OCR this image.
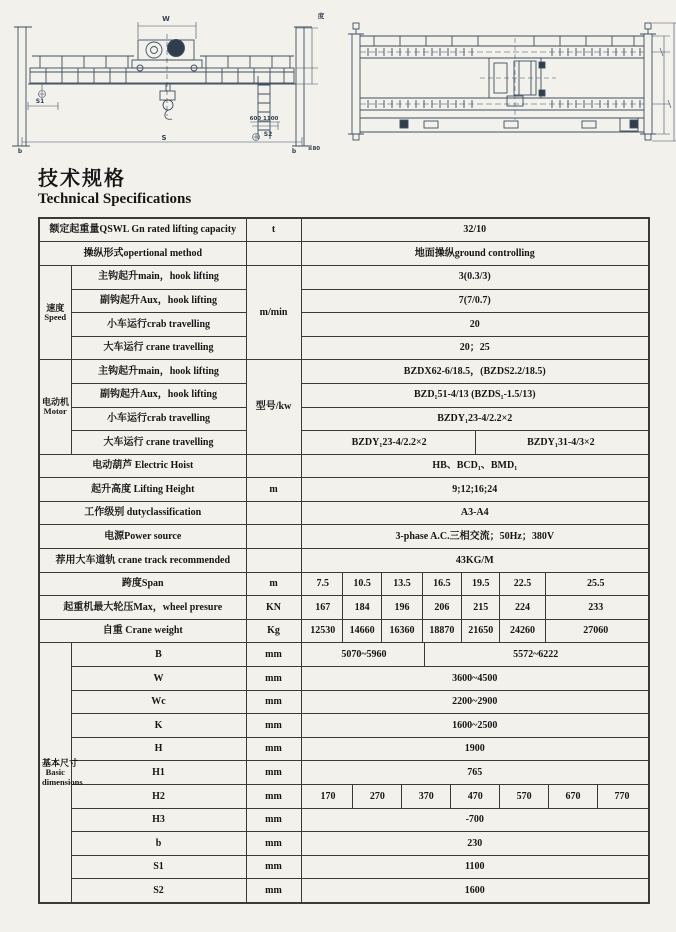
W
S
S1
S2
600 1100
b	b ≥80
度
技术规格
Technical Specifications
额定起重量QSWL Gn rated lifting capacity		t	32/10

操纵形式opertional method			地面操纵ground controlling

速度
Speed	主钩起升main，hook lifting	m/min	3(0.3/3)

	副钩起升Aux，hook lifting		7(7/0.7)

	小车运行crab travelling		20

	大车运行 crane travelling		20；25

电动机
Motor	主钩起升main，hook lifting	型号/kw	BZDX62-6/18.5，(BZDS2.2/18.5)

	副钩起升Aux，hook lifting		BZD₁51-4/13 (BZDS₁-1.5/13)

	小车运行crab travelling		BZDY₁23-4/2.2×2

	大车运行 crane travelling		BZDY₁23-4/2.2×2 BZDY₁31-4/3×2

电动葫芦 Electric Hoist			HB、BCD₁、BMD₁

起升高度 Lifting Height		m	9;12;16;24

工作级别 dutyclassification			A3-A4

电源Power source			3-phase A.C.三相交流；50Hz；380V

荐用大车道轨 crane track recommended			43KG/M

跨度Span	m	7.5	10.5	13.5	16.5	19.5	22.5	25.5

起重机最大轮压Max，wheel presure	KN	167	184	196	206	215	224	233

自重 Crane weight	Kg	12530	14660	16360	18870	21650	24260	27060

基本尺寸
Basic dimensions
	B	mm	5070~5960	5572~6222

	W	mm	3600~4500

	Wc	mm	2200~2900

	K	mm	1600~2500

	H	mm	1900

	H1	mm	765

H2	mm	170	270	370	470	570	670	770

	H3	mm	-700

	b	mm	230

	S1	mm	1100

	S2	mm	1600
